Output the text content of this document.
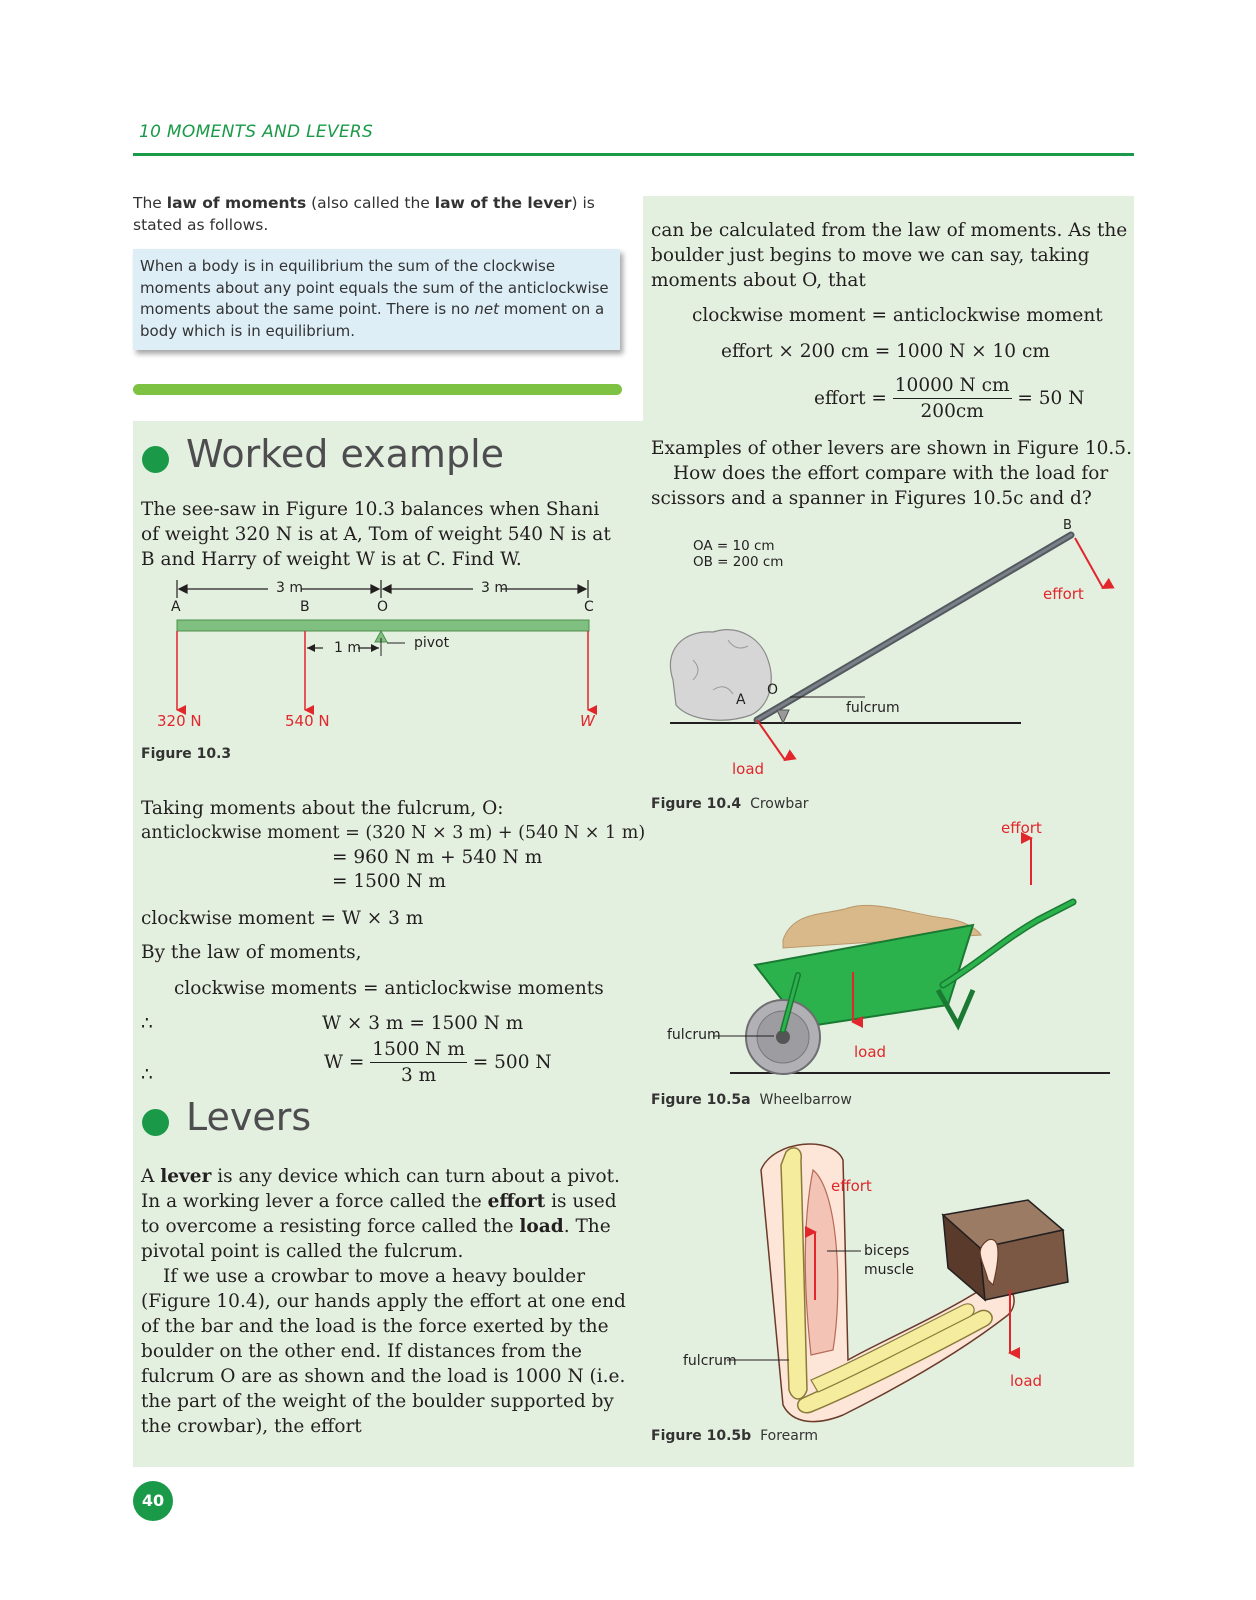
10 MOMENTS AND LEVERS
The law of moments (also called the law of the lever) is stated as follows.
When a body is in equilibrium the sum of the clockwise moments about any point equals the sum of the anticlockwise moments about the same point. There is no net moment on a body which is in equilibrium.
Worked example
The see-saw in Figure 10.3 balances when Shani of weight 320 N is at A, Tom of weight 540 N is at B and Harry of weight W is at C. Find W.
3 m	3 m
A	B	O	C
1 m	pivot
320 N	540 N	W
Figure 10.3
Taking moments about the fulcrum, O:
anticlockwise moment = (320 N × 3 m) + (540 N × 1 m)
= 960 N m + 540 N m
= 1500 N m
clockwise moment = W × 3 m
By the law of moments,
clockwise moments = anticlockwise moments
∴	W × 3 m = 1500 N m
∴
$W = \frac{\text{1500 N m}}{3 m} = 500$ N
Levers
A lever is any device which can turn about a pivot. In a working lever a force called the effort is used to overcome a resisting force called the load. The pivotal point is called the fulcrum.
If we use a crowbar to move a heavy boulder (Figure 10.4), our hands apply the effort at one end of the bar and the load is the force exerted by the boulder on the other end. If distances from the fulcrum O are as shown and the load is 1000 N (i.e. the part of the weight of the boulder supported by the crowbar), the effort
can be calculated from the law of moments. As the boulder just begins to move we can say, taking moments about O, that
clockwise moment = anticlockwise moment
effort × 200 cm = 1000 N × 10 cm
effort = $\frac{\text{10000 N cm}}{200cm} = 50$ N
Examples of other levers are shown in Figure 10.5.
How does the effort compare with the load for scissors and a spanner in Figures 10.5c and d?
OA = 10 cm
OB = 200 cm
B
effort
O
A	fulcrum
load
Figure 10.4 Crowbar
effort
fulcrum
load
Figure 10.5a Wheelbarrow
effort
biceps
muscle
fulcrum
load
Figure 10.5b Forearm
40
